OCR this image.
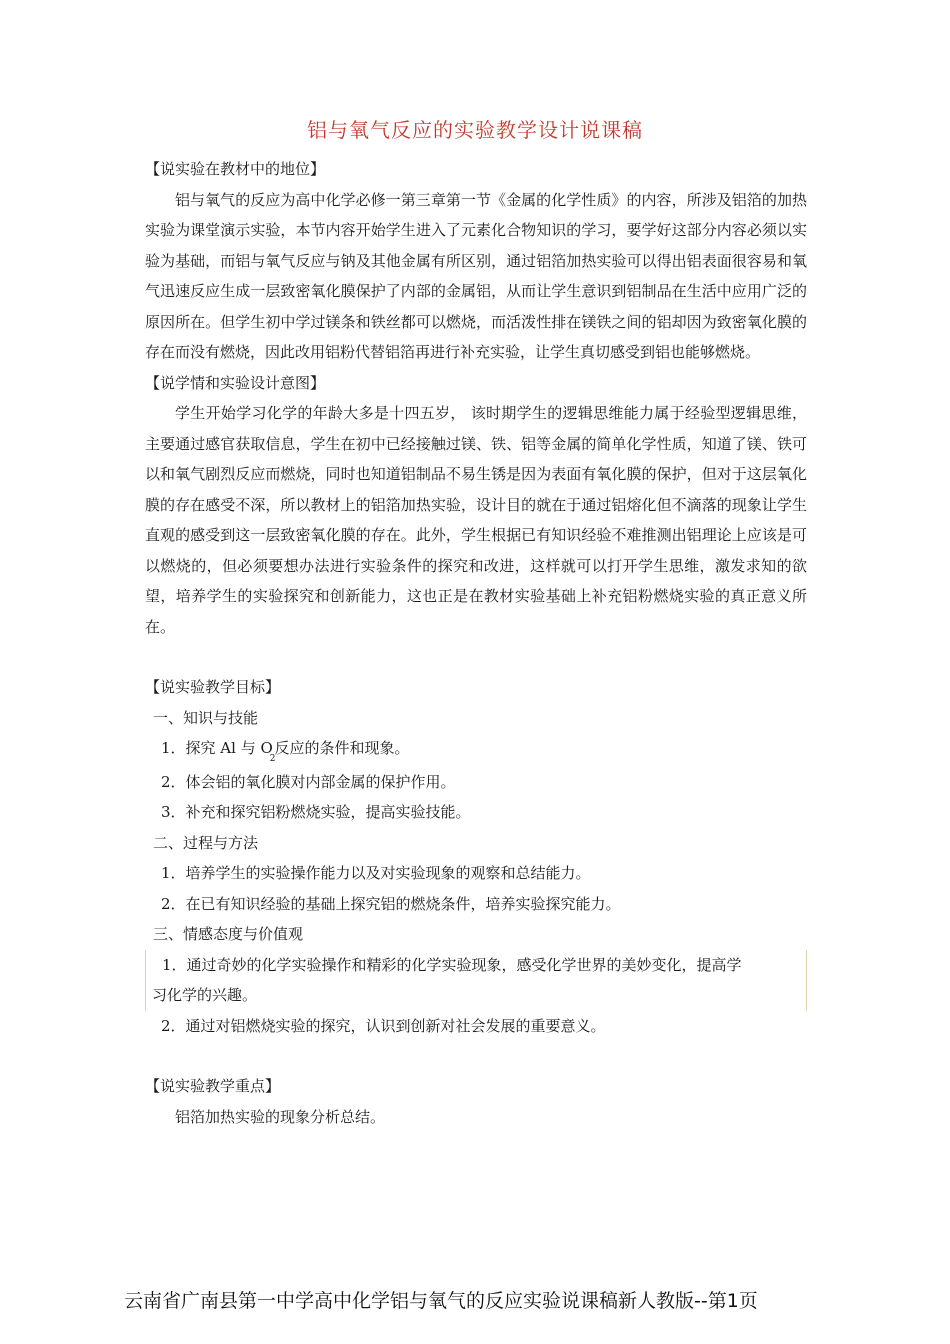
铝与氧气反应的实验教学设计说课稿

【说实验在教材中的地位】

铝与氧气的反应为高中化学必修一第三章第一节《金属的化学性质》的内容，所涉及铝箔的加热实验为课堂演示实验，本节内容开始学生进入了元素化合物知识的学习，要学好这部分内容必须以实验为基础，而铝与氧气反应与钠及其他金属有所区别，通过铝箔加热实验可以得出铝表面很容易和氧气迅速反应生成一层致密氧化膜保护了内部的金属铝，从而让学生意识到铝制品在生活中应用广泛的原因所在。但学生初中学过镁条和铁丝都可以燃烧，而活泼性排在镁铁之间的铝却因为致密氧化膜的存在而没有燃烧，因此改用铝粉代替铝箔再进行补充实验，让学生真切感受到铝也能够燃烧。

【说学情和实验设计意图】

学生开始学习化学的年龄大多是十四五岁， 该时期学生的逻辑思维能力属于经验型逻辑思维，主要通过感官获取信息，学生在初中已经接触过镁、铁、铝等金属的简单化学性质，知道了镁、铁可以和氧气剧烈反应而燃烧，同时也知道铝制品不易生锈是因为表面有氧化膜的保护，但对于这层氧化膜的存在感受不深，所以教材上的铝箔加热实验，设计目的就在于通过铝熔化但不滴落的现象让学生直观的感受到这一层致密氧化膜的存在。此外，学生根据已有知识经验不难推测出铝理论上应该是可以燃烧的，但必须要想办法进行实验条件的探究和改进，这样就可以打开学生思维，激发求知的欲望，培养学生的实验探究和创新能力，这也正是在教材实验基础上补充铝粉燃烧实验的真正意义所在。

【说实验教学目标】

一、知识与技能

1．探究 Al 与 $O_2$反应的条件和现象。

2．体会铝的氧化膜对内部金属的保护作用。

3．补充和探究铝粉燃烧实验，提高实验技能。

二、过程与方法

1．培养学生的实验操作能力以及对实验现象的观察和总结能力。

2．在已有知识经验的基础上探究铝的燃烧条件，培养实验探究能力。

三、情感态度与价值观

1．通过奇妙的化学实验操作和精彩的化学实验现象，感受化学世界的美妙变化，提高学
习化学的兴趣。

2．通过对铝燃烧实验的探究，认识到创新对社会发展的重要意义。

【说实验教学重点】

铝箔加热实验的现象分析总结。

云南省广南县第一中学高中化学铝与氧气的反应实验说课稿新人教版--第1页
